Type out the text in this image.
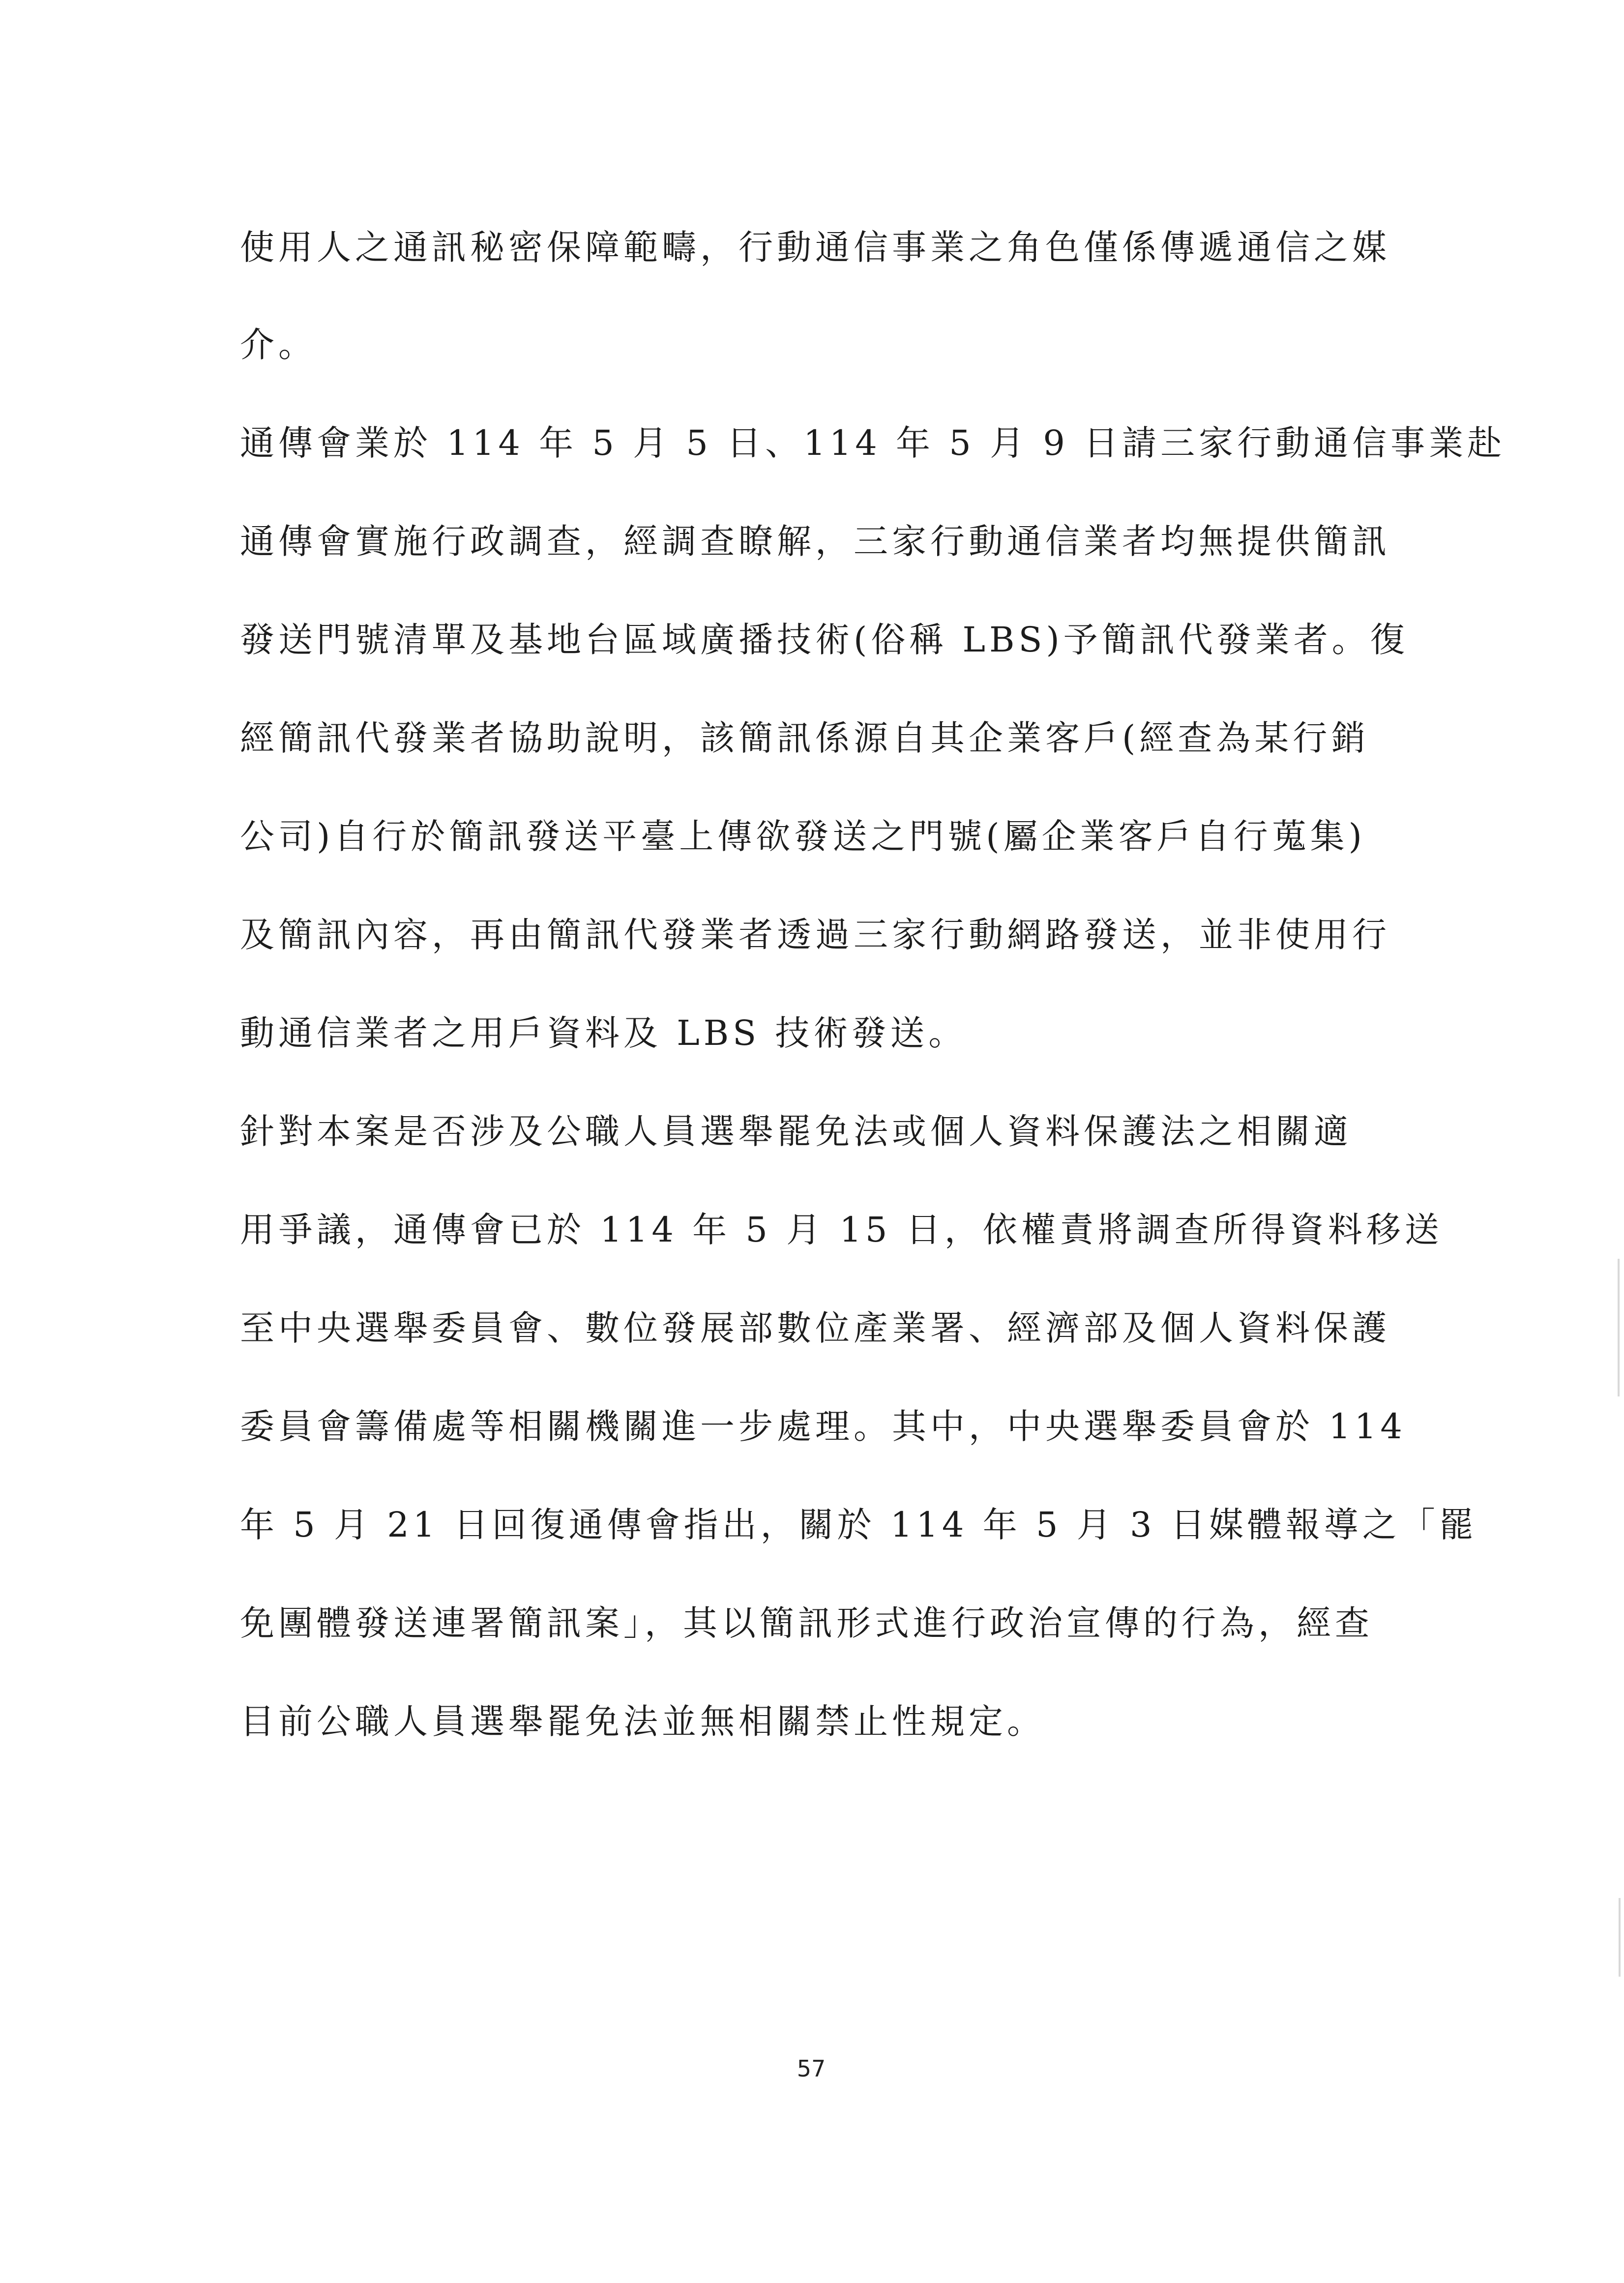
使用人之通訊秘密保障範疇，行動通信事業之角色僅係傳遞通信之媒
介。
通傳會業於 114 年 5 月 5 日、114 年 5 月 9 日請三家行動通信事業赴
通傳會實施行政調查，經調查瞭解，三家行動通信業者均無提供簡訊
發送門號清單及基地台區域廣播技術(俗稱 LBS)予簡訊代發業者。復
經簡訊代發業者協助說明，該簡訊係源自其企業客戶(經查為某行銷
公司)自行於簡訊發送平臺上傳欲發送之門號(屬企業客戶自行蒐集)
及簡訊內容，再由簡訊代發業者透過三家行動網路發送，並非使用行
動通信業者之用戶資料及 LBS 技術發送。
針對本案是否涉及公職人員選舉罷免法或個人資料保護法之相關適
用爭議，通傳會已於 114 年 5 月 15 日，依權責將調查所得資料移送
至中央選舉委員會、數位發展部數位產業署、經濟部及個人資料保護
委員會籌備處等相關機關進一步處理。其中，中央選舉委員會於 114
年 5 月 21 日回復通傳會指出，關於 114 年 5 月 3 日媒體報導之「罷
免團體發送連署簡訊案」，其以簡訊形式進行政治宣傳的行為，經查
目前公職人員選舉罷免法並無相關禁止性規定。
57
